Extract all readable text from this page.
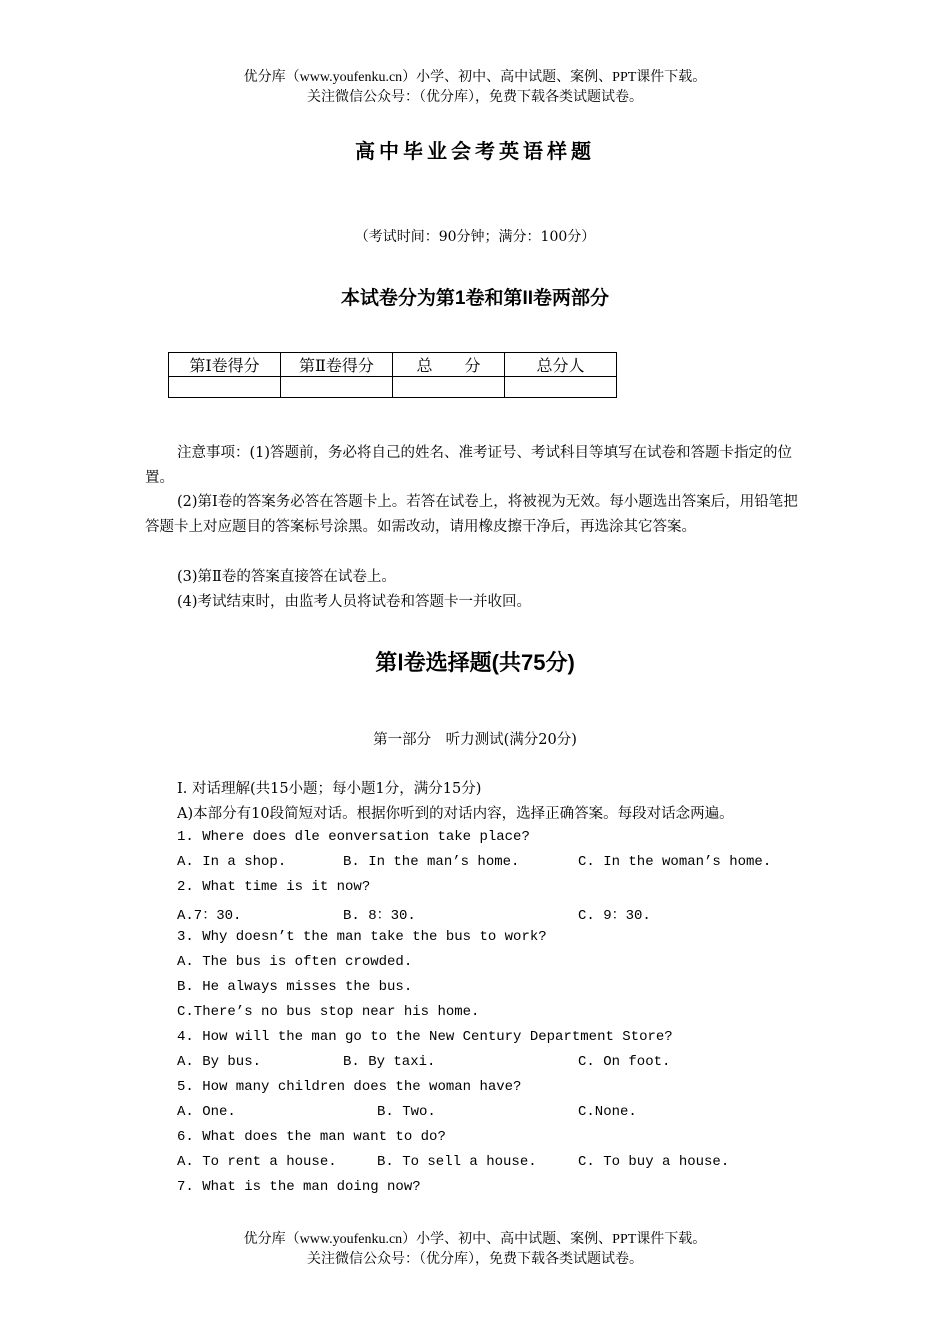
优分库（www.youfenku.cn）小学、初中、高中试题、案例、PPT课件下载。
关注微信公众号：（优分库），免费下载各类试题试卷。
高中毕业会考英语样题
（考试时间：90分钟；满分：100分）
本试卷分为第1卷和第II卷两部分
第Ⅰ卷得分	第Ⅱ卷得分	总　　分	总分人

注意事项：(1)答题前，务必将自己的姓名、准考证号、考试科目等填写在试卷和答题卡指定的位置。
(2)第Ⅰ卷的答案务必答在答题卡上。若答在试卷上，将被视为无效。每小题选出答案后，用铅笔把答题卡上对应题目的答案标号涂黑。如需改动，请用橡皮擦干净后，再选涂其它答案。
(3)第Ⅱ卷的答案直接答在试卷上。
(4)考试结束时，由监考人员将试卷和答题卡一并收回。
第Ⅰ卷选择题(共75分)
第一部分　听力测试(满分20分)
Ⅰ. 对话理解(共15小题；每小题1分，满分15分)
A)本部分有10段简短对话。根据你听到的对话内容，选择正确答案。每段对话念两遍。
1. Where does dle eonversation take place?
A. In a shop.	B. In the man’s home.	C. In the woman’s home.
2. What time is it now?
A.7：30.	B. 8：30.	C. 9：30.
3. Why doesn’t the man take the bus to work?
A. The bus is often crowded.
B. He always misses the bus.
C.There’s no bus stop near his home.
4. How will the man go to the New Century Department Store?
A. By bus.	B. By taxi.	C. On foot.
5. How many children does the woman have?
A. One.	B. Two.	C.None.
6. What does the man want to do?
A. To rent a house.	B. To sell a house.	C. To buy a house.
7. What is the man doing now?
优分库（www.youfenku.cn）小学、初中、高中试题、案例、PPT课件下载。
关注微信公众号：（优分库），免费下载各类试题试卷。
